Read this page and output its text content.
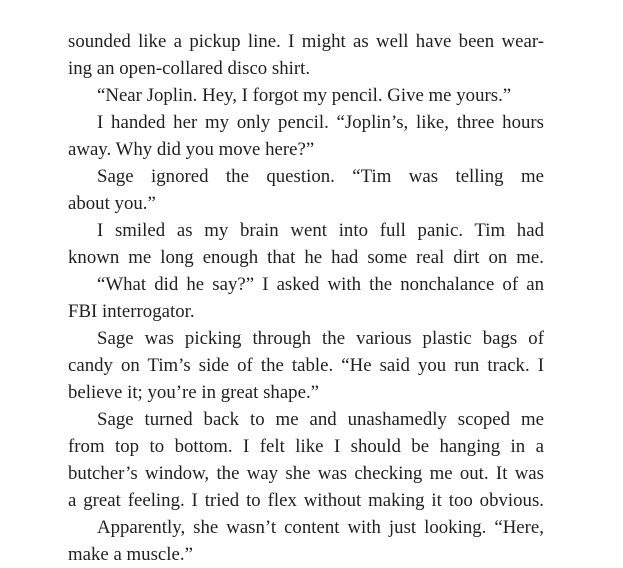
sounded like a pickup line. I might as well have been wear-
ing an open-collared disco shirt.
“Near Joplin. Hey, I forgot my pencil. Give me yours.”
I handed her my only pencil. “Joplin’s, like, three hours
away. Why did you move here?”
Sage ignored the question. “Tim was telling me
about you.”
I smiled as my brain went into full panic. Tim had
known me long enough that he had some real dirt on me.
“What did he say?” I asked with the nonchalance of an
FBI interrogator.
Sage was picking through the various plastic bags of
candy on Tim’s side of the table. “He said you run track. I
believe it; you’re in great shape.”
Sage turned back to me and unashamedly scoped me
from top to bottom. I felt like I should be hanging in a
butcher’s window, the way she was checking me out. It was
a great feeling. I tried to flex without making it too obvious.
Apparently, she wasn’t content with just looking. “Here,
make a muscle.”
